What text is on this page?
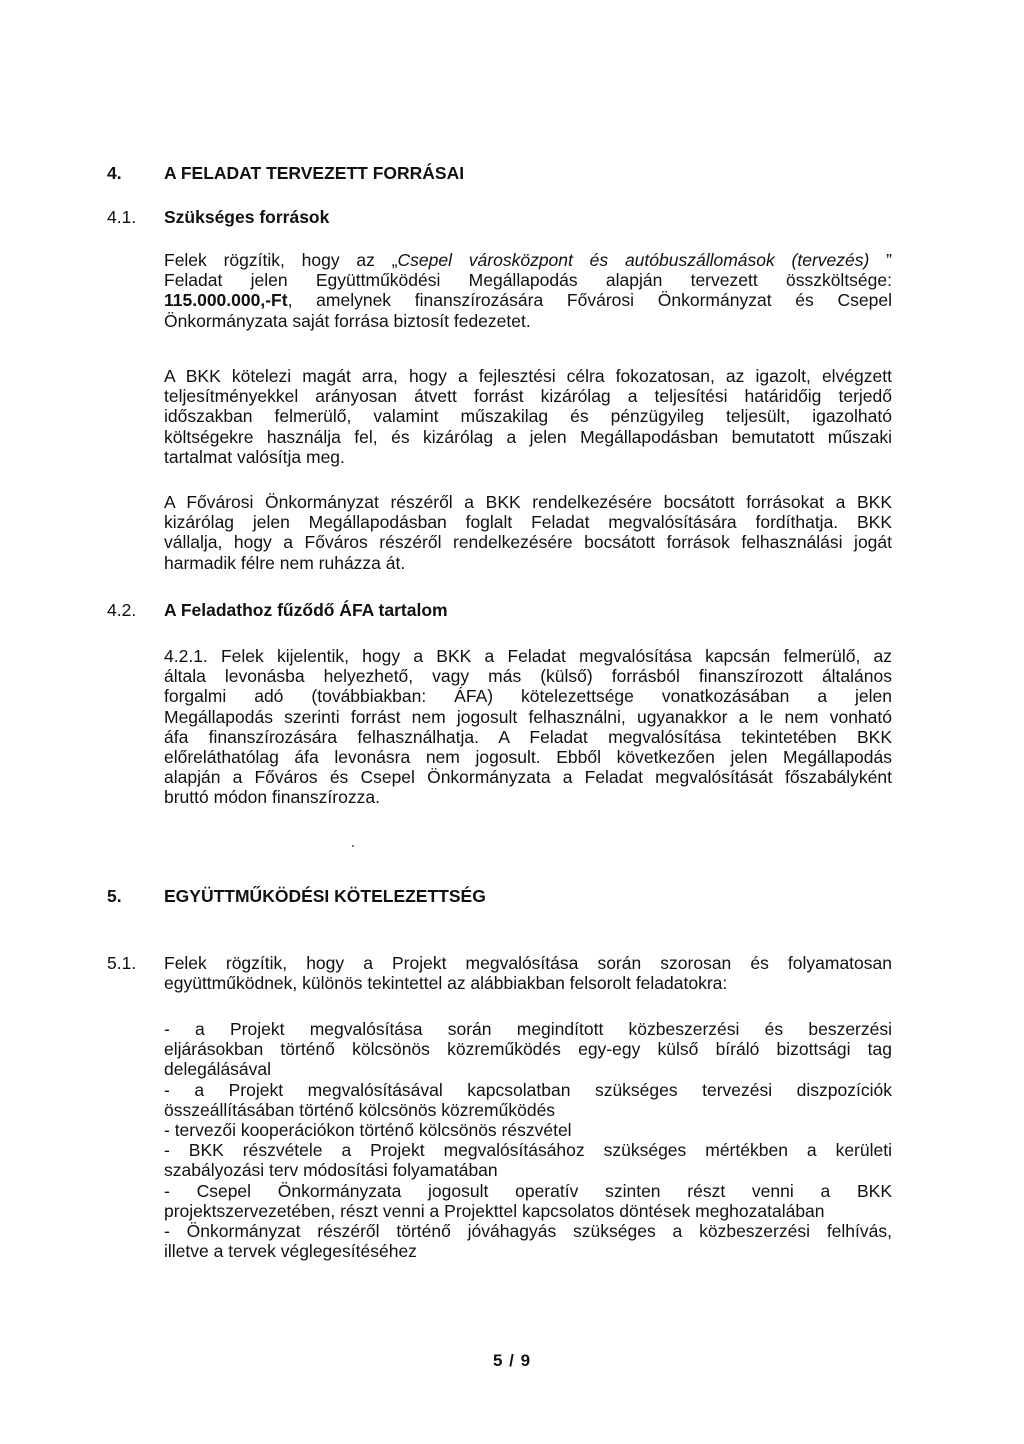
4. A FELADAT TERVEZETT FORRÁSAI
4.1. Szükséges források
Felek rögzítik, hogy az „Csepel városközpont és autóbuszállomások (tervezés) ”
Feladat jelen Együttműködési Megállapodás alapján tervezett összköltsége:
115.000.000,-Ft, amelynek finanszírozására Fővárosi Önkormányzat és Csepel
Önkormányzata saját forrása biztosít fedezetet.
A BKK kötelezi magát arra, hogy a fejlesztési célra fokozatosan, az igazolt, elvégzett
teljesítményekkel arányosan átvett forrást kizárólag a teljesítési határidőig terjedő
időszakban felmerülő, valamint műszakilag és pénzügyileg teljesült, igazolható
költségekre használja fel, és kizárólag a jelen Megállapodásban bemutatott műszaki
tartalmat valósítja meg.
A Fővárosi Önkormányzat részéről a BKK rendelkezésére bocsátott forrásokat a BKK
kizárólag jelen Megállapodásban foglalt Feladat megvalósítására fordíthatja. BKK
vállalja, hogy a Főváros részéről rendelkezésére bocsátott források felhasználási jogát
harmadik félre nem ruházza át.
4.2. A Feladathoz fűződő ÁFA tartalom
4.2.1. Felek kijelentik, hogy a BKK a Feladat megvalósítása kapcsán felmerülő, az
általa levonásba helyezhető, vagy más (külső) forrásból finanszírozott általános
forgalmi adó (továbbiakban: ÁFA) kötelezettsége vonatkozásában a jelen
Megállapodás szerinti forrást nem jogosult felhasználni, ugyanakkor a le nem vonható
áfa finanszírozására felhasználhatja. A Feladat megvalósítása tekintetében BKK
előreláthatólag áfa levonásra nem jogosult. Ebből következően jelen Megállapodás
alapján a Főváros és Csepel Önkormányzata a Feladat megvalósítását főszabályként
bruttó módon finanszírozza.
5. EGYÜTTMŰKÖDÉSI KÖTELEZETTSÉG
5.1. Felek rögzítik, hogy a Projekt megvalósítása során szorosan és folyamatosan
együttműködnek, különös tekintettel az alábbiakban felsorolt feladatokra:
- a Projekt megvalósítása során megindított közbeszerzési és beszerzési
eljárásokban történő kölcsönös közreműködés egy-egy külső bíráló bizottsági tag
delegálásával
- a Projekt megvalósításával kapcsolatban szükséges tervezési diszpozíciók
összeállításában történő kölcsönös közreműködés
- tervezői kooperációkon történő kölcsönös részvétel
- BKK részvétele a Projekt megvalósításához szükséges mértékben a kerületi
szabályozási terv módosítási folyamatában
- Csepel Önkormányzata jogosult operatív szinten részt venni a BKK
projektszervezetében, részt venni a Projekttel kapcsolatos döntések meghozatalában
- Önkormányzat részéről történő jóváhagyás szükséges a közbeszerzési felhívás,
illetve a tervek véglegesítéséhez
5 / 9
